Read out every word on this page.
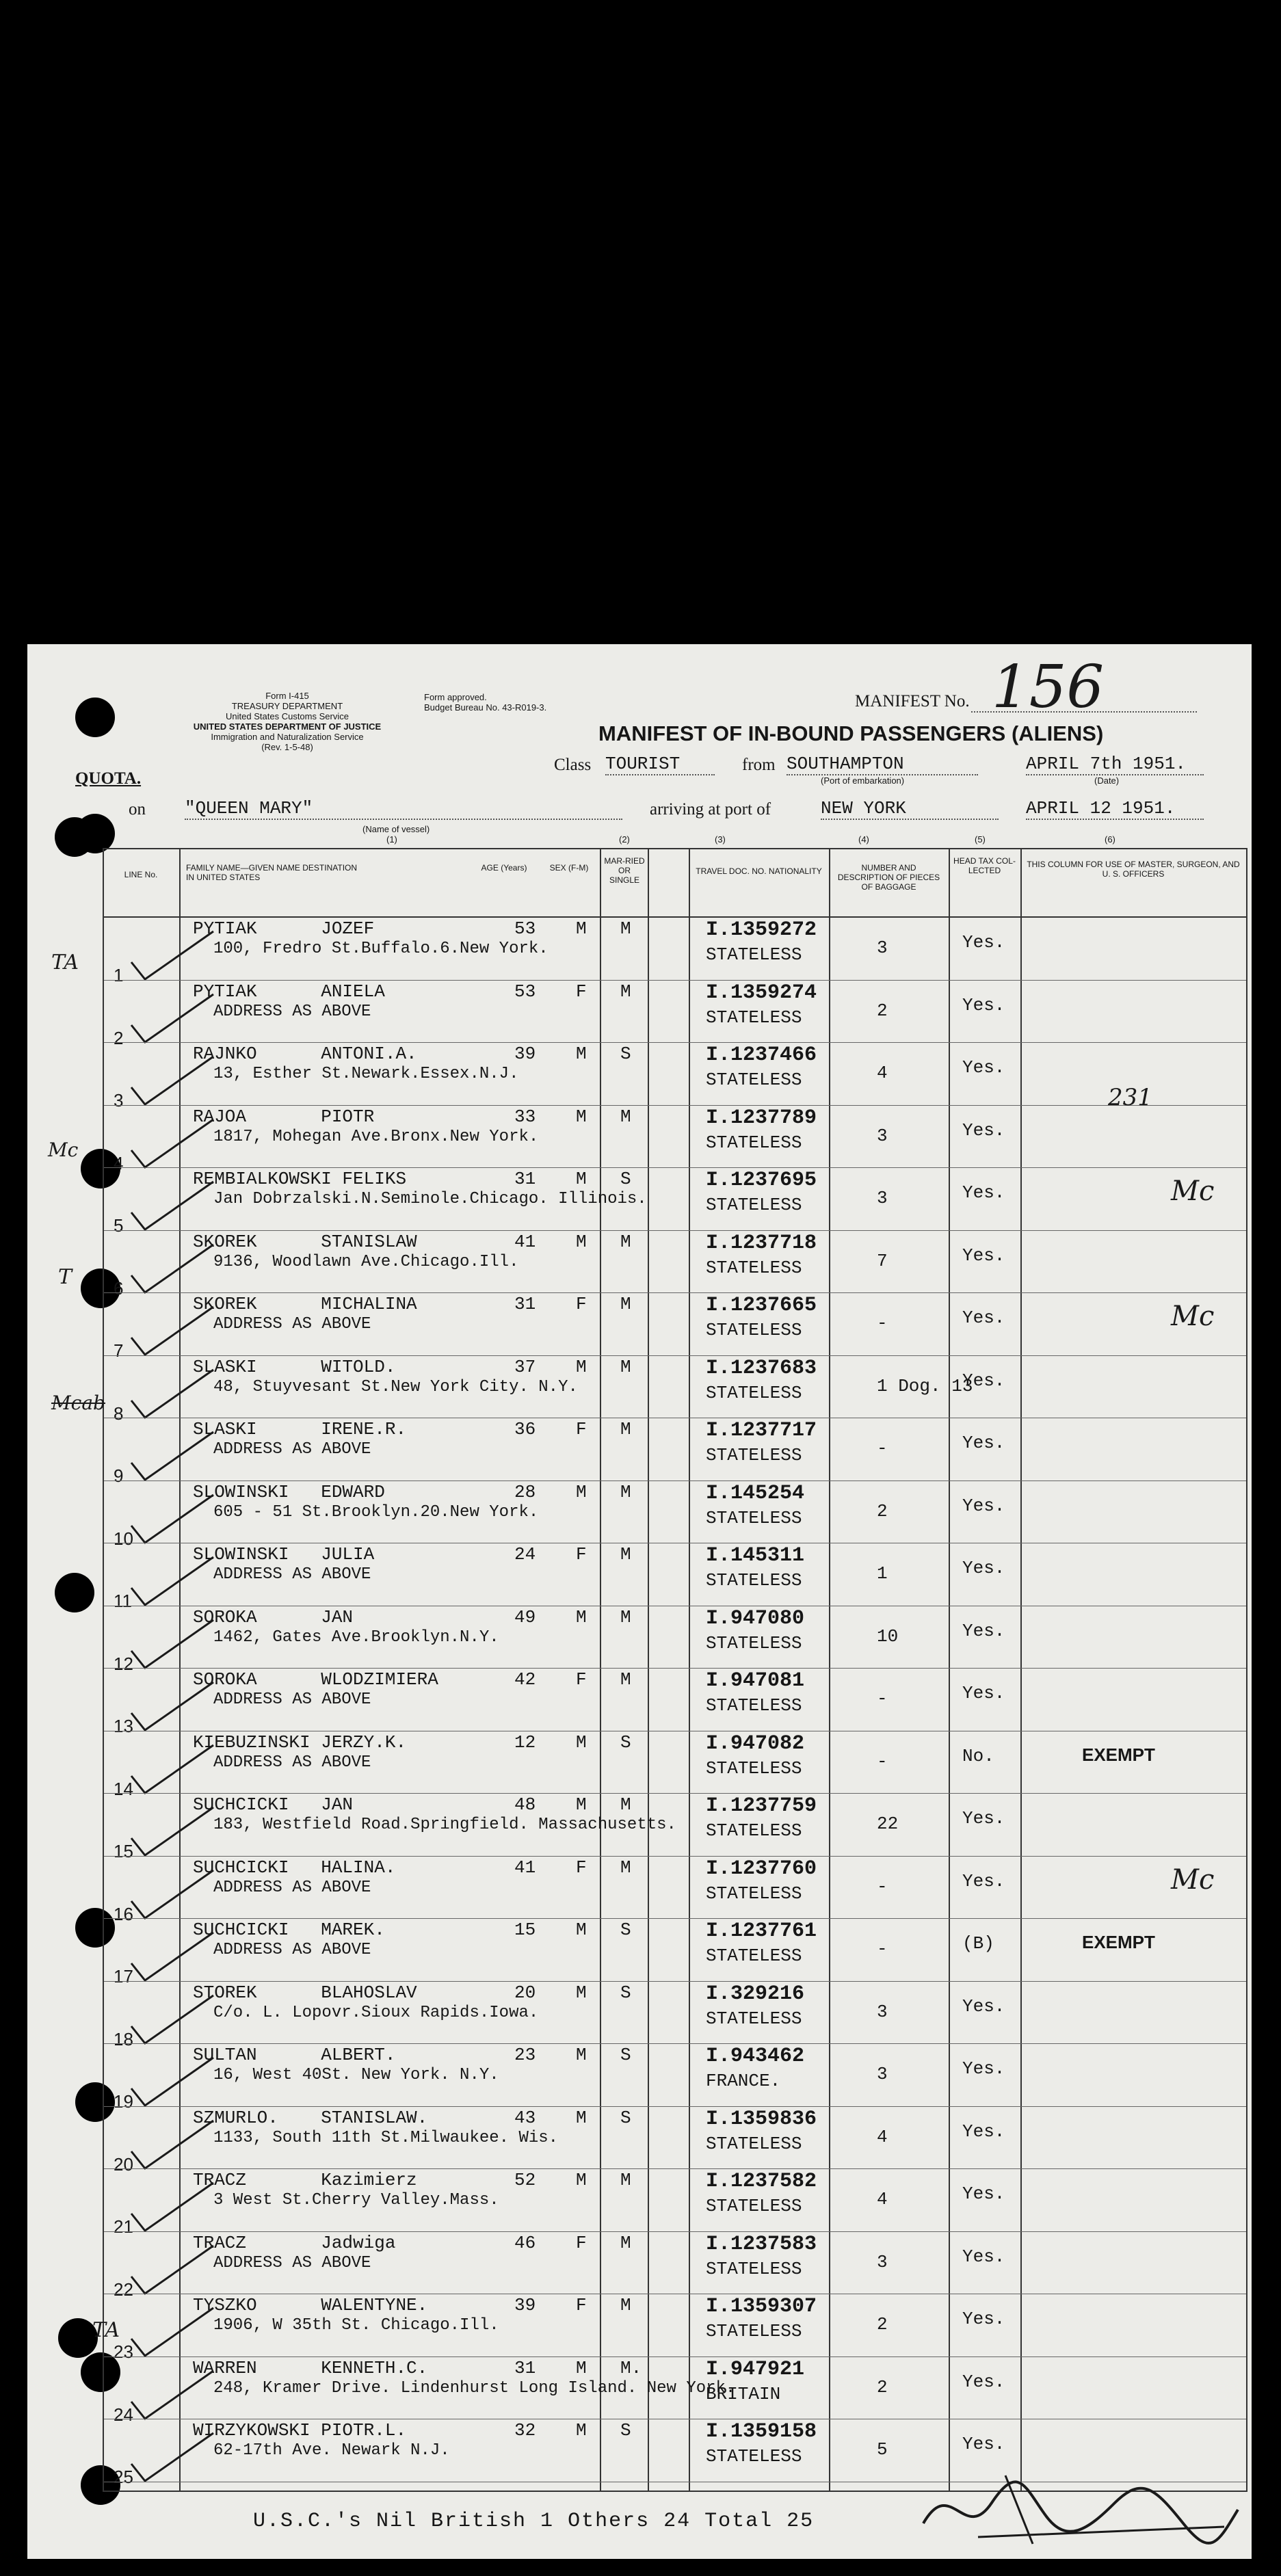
Form I-415
TREASURY DEPARTMENT
United States Customs Service
UNITED STATES DEPARTMENT OF JUSTICE
Immigration and Naturalization Service
(Rev. 1-5-48)
Form approved.
Budget Bureau No. 43-R019-3.	MANIFEST No. 156
MANIFEST OF IN-BOUND PASSENGERS (ALIENS)
QUOTA.
Class TOURIST	from SOUTHAMPTON
(Port of embarkation)
APRIL 7th 1951.
(Date)
on "QUEEN MARY"
(Name of vessel)
arriving at port of	NEW YORK	APRIL 12 1951.
(1)	(2)	(3)	(4)	(5)	(6)
LINE No.
FAMILY NAME—GIVEN NAME DESTINATION IN UNITED STATES
AGE (Years)	SEX (F-M)
MAR-RIED OR SINGLE
TRAVEL DOC. NO. NATIONALITY	NUMBER AND DESCRIPTION OF PIECES OF BAGGAGE
HEAD TAX COL-LECTED
THIS COLUMN FOR USE OF MASTER, SURGEON, AND U. S. OFFICERS
1
PYTIAK      JOZEF	53 M M
100, Fredro St.Buffalo.6.New York.
I.1359272
STATELESS	3	Yes.
2
PYTIAK      ANIELA	53 F M
ADDRESS AS ABOVE
I.1359274
STATELESS	2	Yes.
3
RAJNKO      ANTONI.A.	39 M S
13, Esther St.Newark.Essex.N.J.
I.1237466
STATELESS	4	Yes.
4
RAJOA       PIOTR	33 M M
1817, Mohegan Ave.Bronx.New York.
I.1237789
STATELESS	3	Yes.
5
REMBIALKOWSKI FELIKS	31 M S
Jan Dobrzalski.N.Seminole.Chicago. Illinois.
I.1237695
STATELESS	3	Yes.	Mc
6
SKOREK      STANISLAW	41 M M
9136, Woodlawn Ave.Chicago.Ill.
I.1237718
STATELESS	7	Yes.
7
SKOREK      MICHALINA	31 F M
ADDRESS AS ABOVE
I.1237665
STATELESS	-	Yes.	Mc
8
SLASKI      WITOLD.	37 M M
48, Stuyvesant St.New York City. N.Y.
I.1237683
STATELESS	1 Dog. 13
Yes.
9
SLASKI      IRENE.R.	36 F M
ADDRESS AS ABOVE
I.1237717
STATELESS	-	Yes.
10
SLOWINSKI   EDWARD	28 M M
605 - 51 St.Brooklyn.20.New York.
I.145254
STATELESS	2	Yes.
11
SLOWINSKI   JULIA	24 F M
ADDRESS AS ABOVE
I.145311
STATELESS	1	Yes.
12
SOROKA      JAN	49 M M
1462, Gates Ave.Brooklyn.N.Y.
I.947080
STATELESS	10	Yes.
13
SOROKA      WLODZIMIERA	42 F M
ADDRESS AS ABOVE
I.947081
STATELESS	-	Yes.
14
KIEBUZINSKI JERZY.K.	12 M S
ADDRESS AS ABOVE
I.947082
STATELESS	-	No.	EXEMPT
15
SUCHCICKI   JAN	48 M M
183, Westfield Road.Springfield. Massachusetts.
I.1237759
STATELESS	22	Yes.
16
SUCHCICKI   HALINA.	41 F M
ADDRESS AS ABOVE
I.1237760
STATELESS	-	Yes.	Mc
17
SUCHCICKI   MAREK.	15 M S
ADDRESS AS ABOVE
I.1237761
STATELESS	-	(B)	EXEMPT
18
STOREK      BLAHOSLAV	20 M S
C/o. L. Lopovr.Sioux Rapids.Iowa.
I.329216
STATELESS	3	Yes.
19
SULTAN      ALBERT.	23 M S
16, West 40St. New York. N.Y.
I.943462
FRANCE.	3	Yes.
20
SZMURLO.    STANISLAW.	43 M S
1133, South 11th St.Milwaukee. Wis.
I.1359836
STATELESS	4	Yes.
21
TRACZ       Kazimierz	52 M M
3 West St.Cherry Valley.Mass.
I.1237582
STATELESS	4	Yes.
22
TRACZ       Jadwiga	46 F M
ADDRESS AS ABOVE
I.1237583
STATELESS	3	Yes.
23
TYSZKO      WALENTYNE.	39 F M
1906, W 35th St. Chicago.Ill.
I.1359307
STATELESS	2	Yes.
24
WARREN      KENNETH.C.	31 M M.
248, Kramer Drive. Lindenhurst Long Island. New York.
I.947921
BRITAIN	2	Yes.
25
WIRZYKOWSKI PIOTR.L.	32 M S
62-17th Ave. Newark N.J.
I.1359158
STATELESS	5	Yes.
TA
Mc
T
Mcab
TA
231
U.S.C.'s Nil British 1 Others 24 Total 25
